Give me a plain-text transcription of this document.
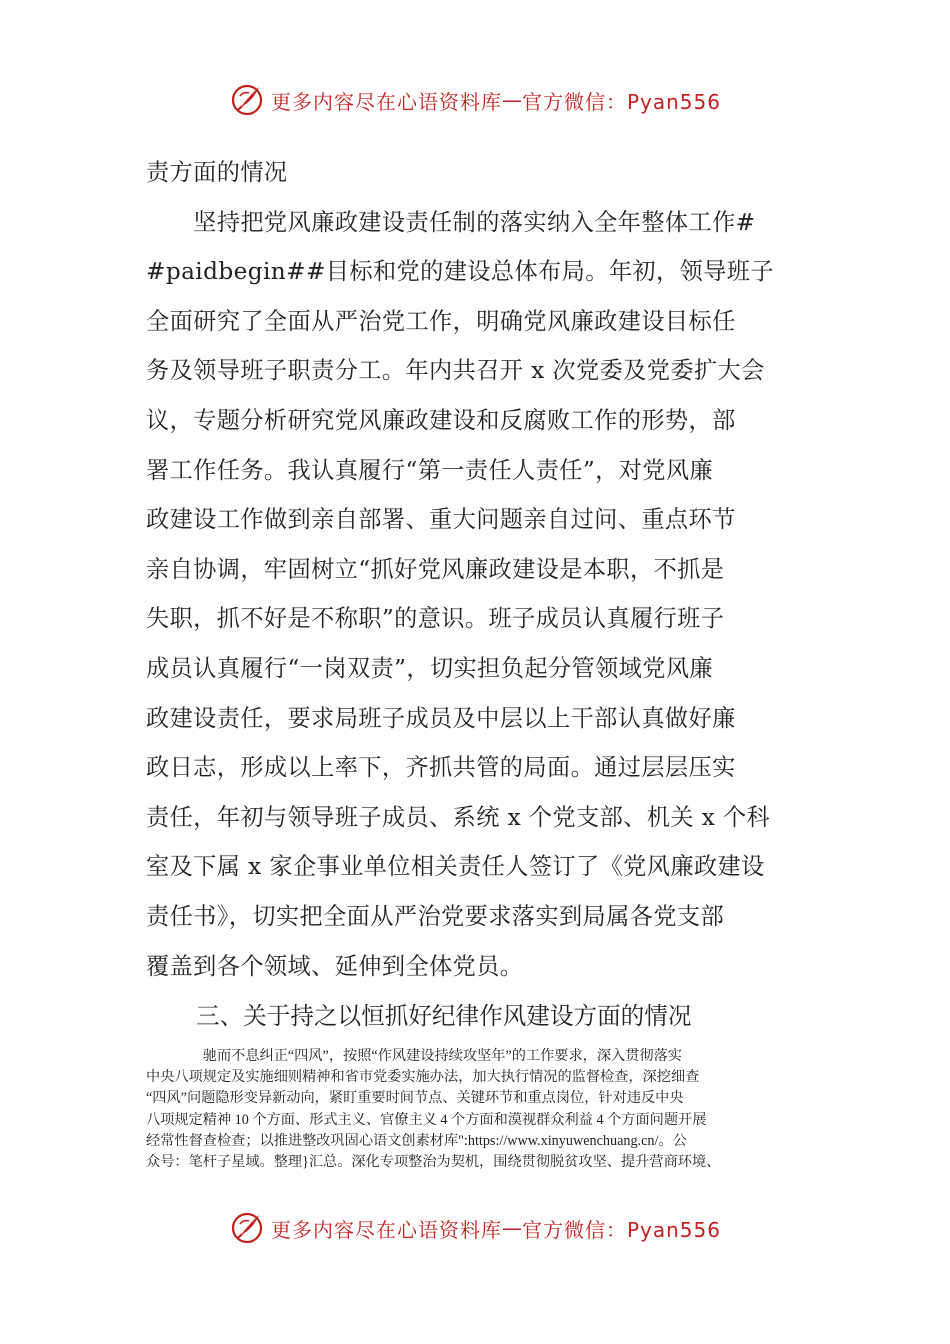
更多内容尽在心语资料库 — 官方微信：Pyan556
责方面的情况
　　坚持把党风廉政建设责任制的落实纳入全年整体工作#
#paidbegin##目标和党的建设总体布局。年初，领导班子
全面研究了全面从严治党工作，明确党风廉政建设目标任
务及领导班子职责分工。年内共召开 x 次党委及党委扩大会
议，专题分析研究党风廉政建设和反腐败工作的形势，部
署工作任务。我认真履行“第一责任人责任”，对党风廉
政建设工作做到亲自部署、重大问题亲自过问、重点环节
亲自协调，牢固树立“抓好党风廉政建设是本职，不抓是
失职，抓不好是不称职”的意识。班子成员认真履行班子
成员认真履行“一岗双责”，切实担负起分管领域党风廉
政建设责任，要求局班子成员及中层以上干部认真做好廉
政日志，形成以上率下，齐抓共管的局面。通过层层压实
责任，年初与领导班子成员、系统 x 个党支部、机关 x 个科
室及下属 x 家企事业单位相关责任人签订了《党风廉政建设
责任书》，切实把全面从严治党要求落实到局属各党支部
覆盖到各个领域、延伸到全体党员。
三、关于持之以恒抓好纪律作风建设方面的情况
　　　　驰而不息纠正“四风”，按照“作风建设持续攻坚年”的工作要求，深入贯彻落实
中央八项规定及实施细则精神和省市党委实施办法，加大执行情况的监督检查，深挖细查
“四风”问题隐形变异新动向，紧盯重要时间节点、关键环节和重点岗位，针对违反中央
八项规定精神 10 个方面、形式主义、官僚主义 4 个方面和漠视群众利益 4 个方面问题开展
经常性督查检查；以推进整改巩固心语文创素材库":https://www.xinyuwenchuang.cn/。公
众号：笔杆子星域。整理}汇总。深化专项整治为契机，围绕贯彻脱贫攻坚、提升营商环境、
更多内容尽在心语资料库 — 官方微信：Pyan556
